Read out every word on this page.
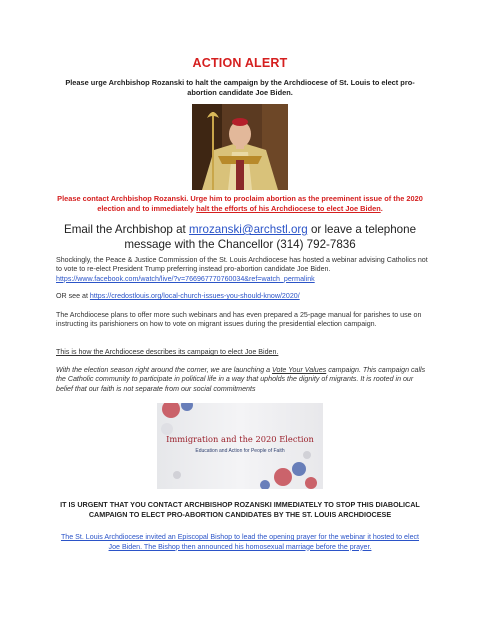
ACTION ALERT
Please urge Archbishop Rozanski to halt the campaign by the Archdiocese of St. Louis to elect pro-abortion candidate Joe Biden.
Please contact Archbishop Rozanski. Urge him to proclaim abortion as the preeminent issue of the 2020 election and to immediately halt the efforts of his Archdiocese to elect Joe Biden.
Email the Archbishop at mrozanski@archstl.org or leave a telephone message with the Chancellor (314) 792-7836
Shockingly, the Peace & Justice Commission of the St. Louis Archdiocese has hosted a webinar advising Catholics not to vote to re-elect President Trump preferring instead pro-abortion candidate Joe Biden. https://www.facebook.com/watch/live/?v=766967770760034&ref=watch_permalink
OR see at https://credostlouis.org/local-church-issues-you-should-know/2020/
The Archdiocese plans to offer more such webinars and has even prepared a 25-page manual for parishes to use on instructing its parishioners on how to vote on migrant issues during the presidential election campaign.
This is how the Archdiocese describes its campaign to elect Joe Biden.
With the election season right around the corner, we are launching a Vote Your Values campaign. This campaign calls the Catholic community to participate in political life in a way that upholds the dignity of migrants. It is rooted in our belief that our faith is not separate from our social commitments
Immigration and the 2020 Election
Education and Action for People of Faith
IT IS URGENT THAT YOU CONTACT ARCHBISHOP ROZANSKI IMMEDIATELY TO STOP THIS DIABOLICAL CAMPAIGN TO ELECT PRO-ABORTION CANDIDATES BY THE ST. LOUIS ARCHDIOCESE
The St. Louis Archdiocese invited an Episcopal Bishop to lead the opening prayer for the webinar it hosted to elect Joe Biden. The Bishop then announced his homosexual marriage before the prayer.
